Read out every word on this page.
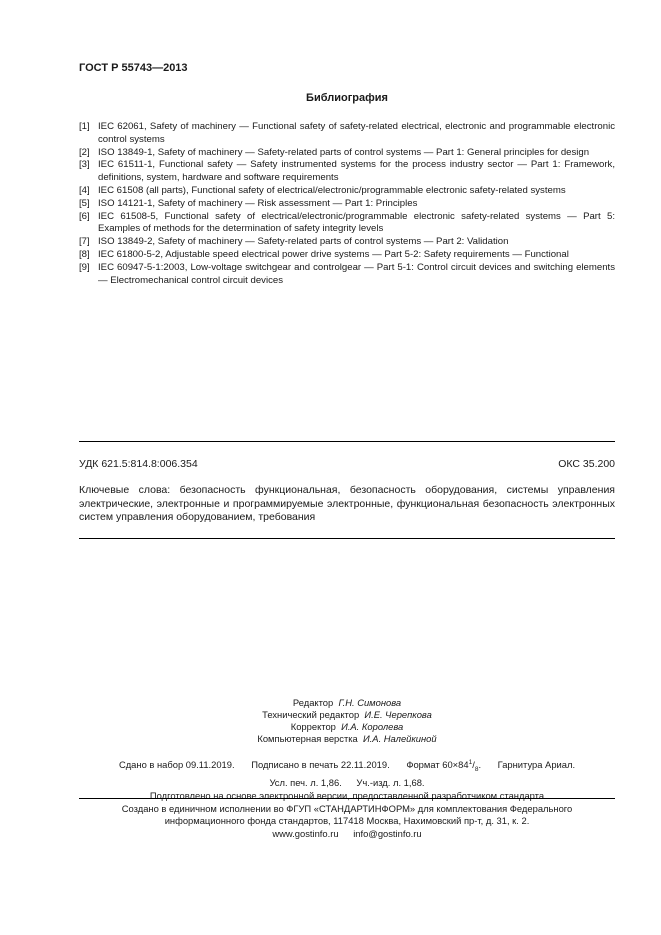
ГОСТ Р 55743—2013
Библиография
[1] IEC 62061, Safety of machinery — Functional safety of safety-related electrical, electronic and programmable electronic control systems
[2] ISO 13849-1, Safety of machinery — Safety-related parts of control systems — Part 1: General principles for design
[3] IEC 61511-1, Functional safety — Safety instrumented systems for the process industry sector — Part 1: Framework, definitions, system, hardware and software requirements
[4] IEC 61508 (all parts), Functional safety of electrical/electronic/programmable electronic safety-related systems
[5] ISO 14121-1, Safety of machinery — Risk assessment — Part 1: Principles
[6] IEC 61508-5, Functional safety of electrical/electronic/programmable electronic safety-related systems — Part 5: Examples of methods for the determination of safety integrity levels
[7] ISO 13849-2, Safety of machinery — Safety-related parts of control systems — Part 2: Validation
[8] IEC 61800-5-2, Adjustable speed electrical power drive systems — Part 5-2: Safety requirements — Functional
[9] IEC 60947-5-1:2003, Low-voltage switchgear and controlgear — Part 5-1: Control circuit devices and switching elements — Electromechanical control circuit devices
УДК 621.5:814.8:006.354	ОКС 35.200
Ключевые слова: безопасность функциональная, безопасность оборудования, системы управления электрические, электронные и программируемые электронные, функциональная безопасность электронных систем управления оборудованием, требования
Редактор Г.Н. Симонова
Технический редактор И.Е. Черепкова
Корректор И.А. Королева
Компьютерная верстка И.А. Налейкиной
Сдано в набор 09.11.2019. Подписано в печать 22.11.2019. Формат $60\times 84^1/_8$. Гарнитура Ариал.
Усл. печ. л. 1,86. Уч.-изд. л. 1,68.
Подготовлено на основе электронной версии, предоставленной разработчиком стандарта
Создано в единичном исполнении во ФГУП «СТАНДАРТИНФОРМ» для комплектования Федерального
информационного фонда стандартов, 117418 Москва, Нахимовский пр-т, д. 31, к. 2.
www.gostinfo.ru info@gostinfo.ru
